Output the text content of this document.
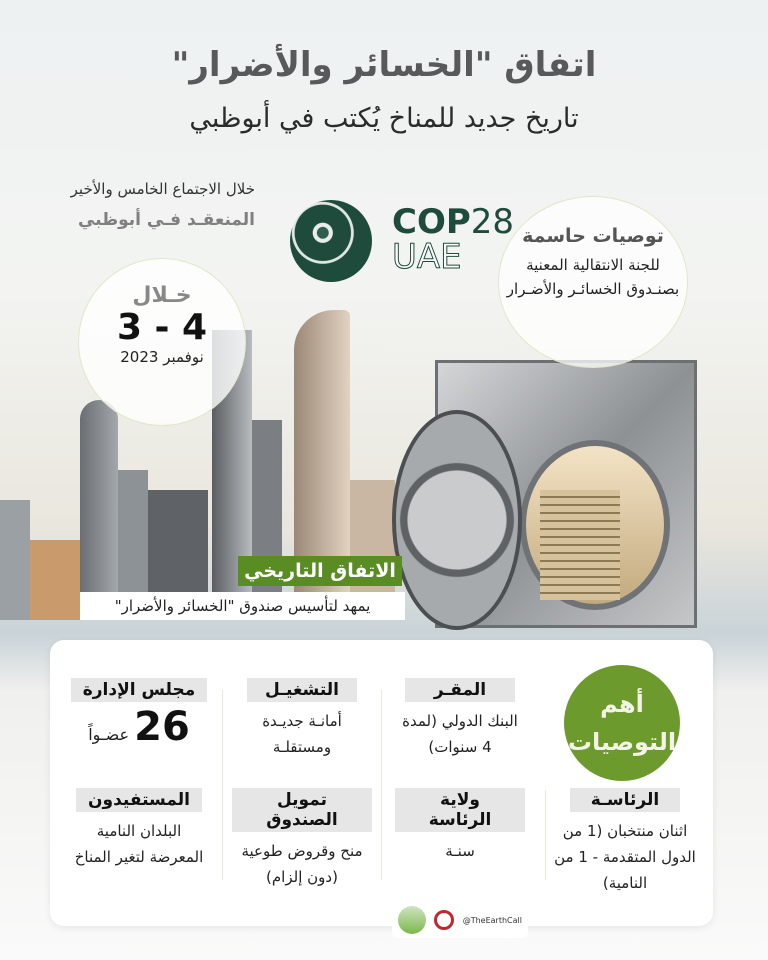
اتفاق "الخسائر والأضرار"
تاريخ جديد للمناخ يُكتب في أبوظبي
خلال الاجتماع الخامس والأخير
المنعقـد فـي أبوظبي	COP28
UAE
توصيات حاسمة
للجنة الانتقالية المعنية بصنـدوق الخسائـر والأضـرار
خـلال
3 - 4
نوفمبر 2023
الاتفاق التاريخي
يمهد لتأسيس صندوق "الخسائر والأضرار"
أهم
التوصيات
المقـر
البنك الدولي (لمدة 4 سنوات)
التشغيـل
أمانـة جديـدة ومستقلـة
مجلس الإدارة
26 عضـواً
الرئاسـة
اثنان منتخبان (1 من الدول المتقدمة - 1 من النامية)
ولاية الرئاسة
سنـة
تمويل الصندوق
منح وقروض طوعية (دون إلزام)
المستفيدون
البلدان النامية المعرضة لتغير المناخ
@TheEarthCall
